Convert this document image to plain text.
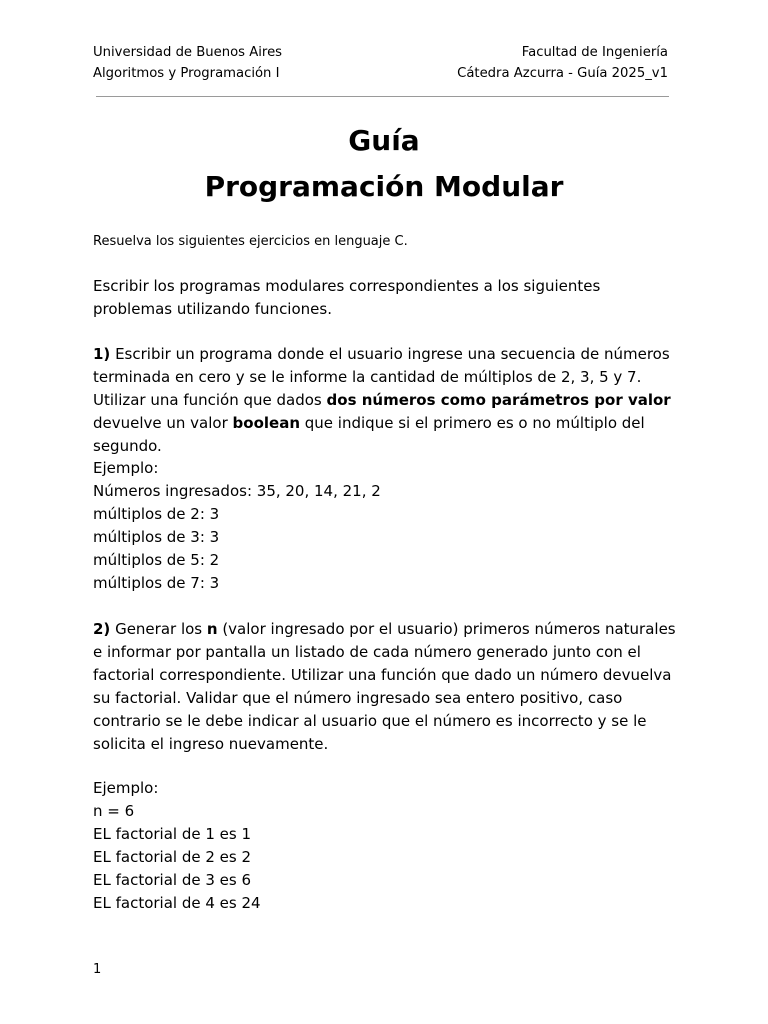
Universidad de Buenos Aires	Facultad de Ingeniería
Algoritmos y Programación I	Cátedra Azcurra - Guía 2025_v1
Guía
Programación Modular
Resuelva los siguientes ejercicios en lenguaje C.

Escribir los programas modulares correspondientes a los siguientes problemas utilizando funciones.

1) Escribir un programa donde el usuario ingrese una secuencia de números terminada en cero y se le informe la cantidad de múltiplos de 2, 3, 5 y 7. Utilizar una función que dados dos números como parámetros por valor devuelve un valor boolean que indique si el primero es o no múltiplo del segundo.

Ejemplo:
Números ingresados: 35, 20, 14, 21, 2
múltiplos de 2: 3
múltiplos de 3: 3
múltiplos de 5: 2
múltiplos de 7: 3

2) Generar los n (valor ingresado por el usuario) primeros números naturales e informar por pantalla un listado de cada número generado junto con el factorial correspondiente. Utilizar una función que dado un número devuelva su factorial. Validar que el número ingresado sea entero positivo, caso contrario se le debe indicar al usuario que el número es incorrecto y se le solicita el ingreso nuevamente.

Ejemplo:
n = 6
EL factorial de 1 es 1
EL factorial de 2 es 2
EL factorial de 3 es 6
EL factorial de 4 es 24
1
